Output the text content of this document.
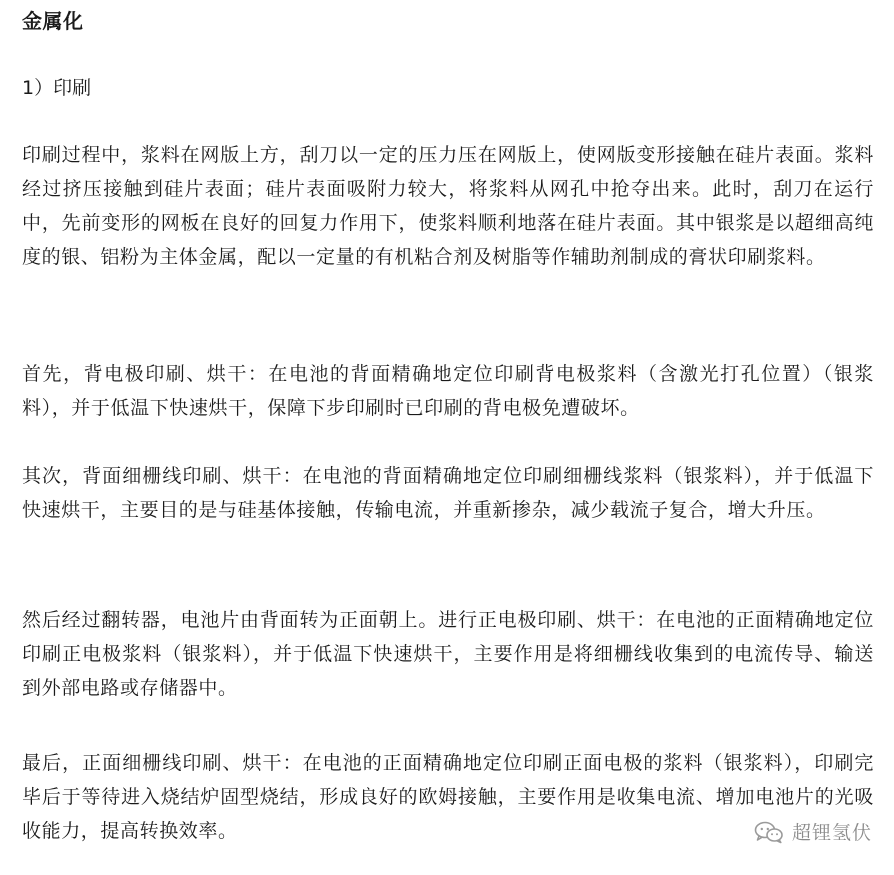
金属化

1）印刷

印刷过程中，浆料在网版上方，刮刀以一定的压力压在网版上，使网版变形接触在硅片表面。浆料经过挤压接触到硅片表面；硅片表面吸附力较大，将浆料从网孔中抢夺出来。此时，刮刀在运行中，先前变形的网板在良好的回复力作用下，使浆料顺利地落在硅片表面。其中银浆是以超细高纯度的银、铝粉为主体金属，配以一定量的有机粘合剂及树脂等作辅助剂制成的膏状印刷浆料。

首先，背电极印刷、烘干：在电池的背面精确地定位印刷背电极浆料（含激光打孔位置）（银浆料），并于低温下快速烘干，保障下步印刷时已印刷的背电极免遭破坏。

其次，背面细栅线印刷、烘干：在电池的背面精确地定位印刷细栅线浆料（银浆料），并于低温下快速烘干，主要目的是与硅基体接触，传输电流，并重新掺杂，减少载流子复合，增大升压。

然后经过翻转器，电池片由背面转为正面朝上。进行正电极印刷、烘干：在电池的正面精确地定位印刷正电极浆料（银浆料），并于低温下快速烘干，主要作用是将细栅线收集到的电流传导、输送到外部电路或存储器中。

最后，正面细栅线印刷、烘干：在电池的正面精确地定位印刷正面电极的浆料（银浆料），印刷完毕后于等待进入烧结炉固型烧结，形成良好的欧姆接触，主要作用是收集电流、增加电池片的光吸收能力，提高转换效率。	超锂氢伏
